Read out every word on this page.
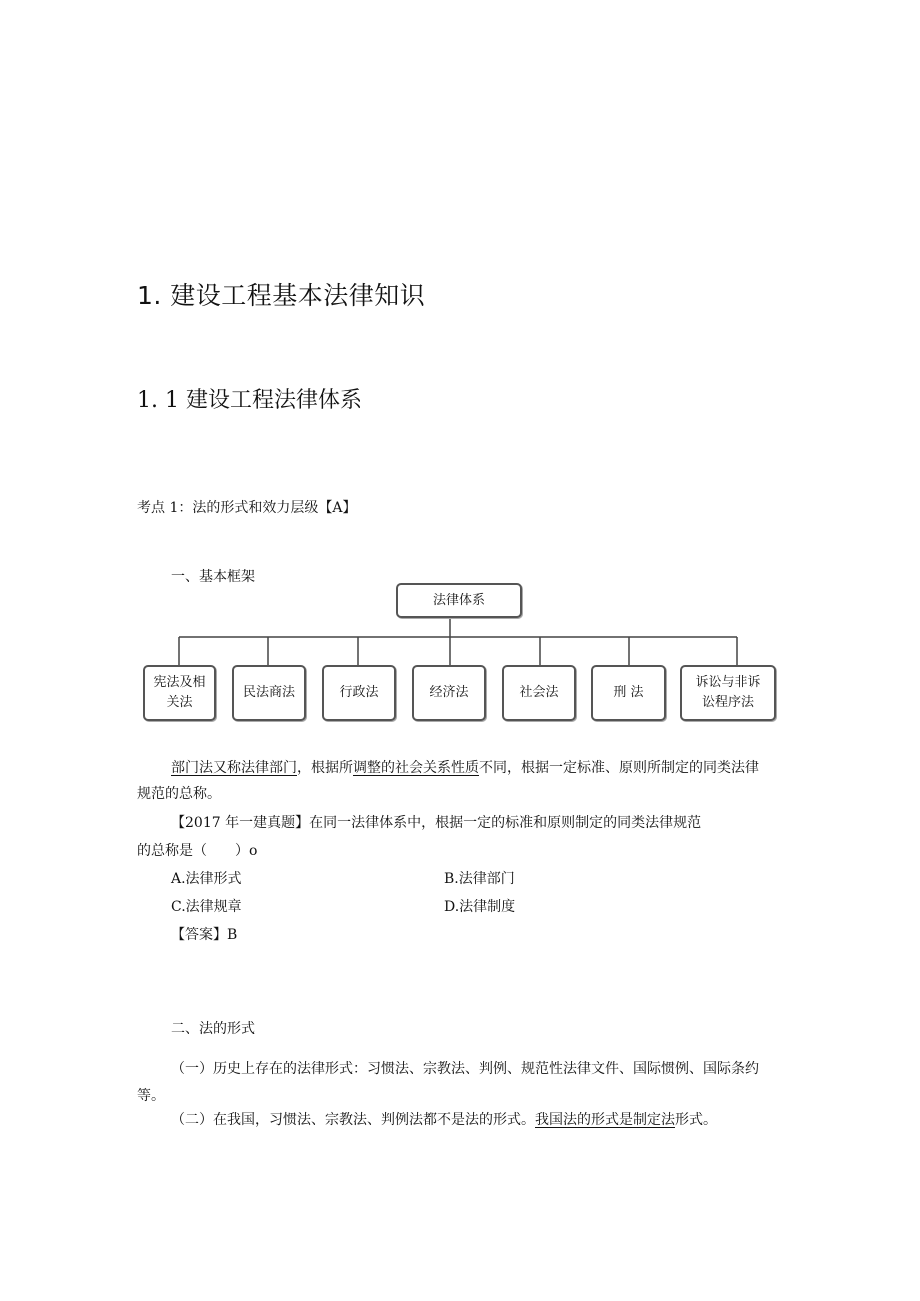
1. 建设工程基本法律知识
1. 1 建设工程法律体系
考点 1：法的形式和效力层级【A】
一、基本框架
法律体系
宪法及相
关法
民法商法	行政法	经济法	社会法	刑 法
诉讼与非诉
讼程序法
部门法又称法律部门，根据所调整的社会关系性质不同，根据一定标准、原则所制定的同类法律
规范的总称。
【2017 年一建真题】在同一法律体系中，根据一定的标准和原则制定的同类法律规范
的总称是（　　）o
A.法律形式	B.法律部门
C.法律规章	D.法律制度
【答案】B
二、法的形式
（一）历史上存在的法律形式：习惯法、宗教法、判例、规范性法律文件、国际惯例、国际条约
等。
（二）在我国，习惯法、宗教法、判例法都不是法的形式。我国法的形式是制定法形式。
